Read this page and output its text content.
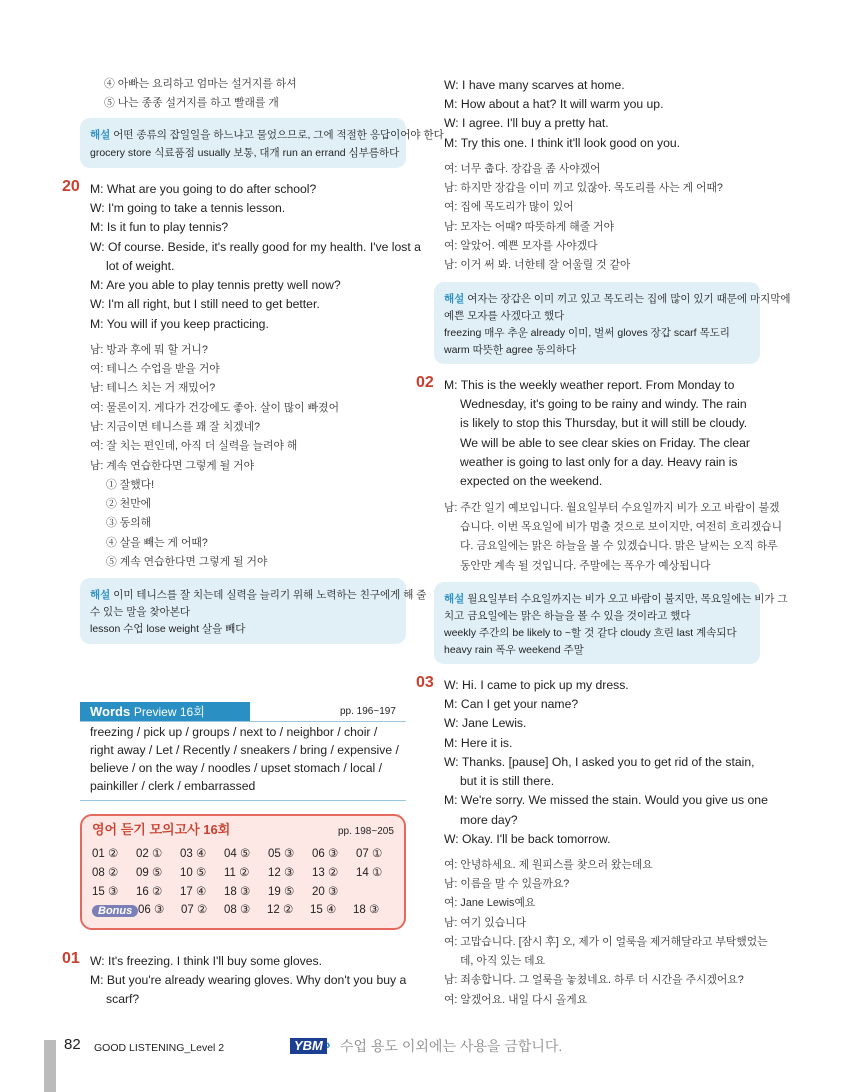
④ 아빠는 요리하고 엄마는 설거지를 하셔
⑤ 나는 종종 설거지를 하고 빨래를 개
해설 어떤 종류의 잡일일을 하느냐고 물었으므로, 그에 적절한 응답이어야 한다
grocery store 식료품점 usually 보통, 대개 run an errand 심부름하다
20 M: What are you going to do after school?
W: I'm going to take a tennis lesson.
M: Is it fun to play tennis?
W: Of course. Beside, it's really good for my health. I've lost a
lot of weight.
M: Are you able to play tennis pretty well now?
W: I'm all right, but I still need to get better.
M: You will if you keep practicing.
남: 방과 후에 뭐 할 거니?
여: 테니스 수업을 받을 거야
남: 테니스 치는 거 재밌어?
여: 물론이지. 게다가 건강에도 좋아. 살이 많이 빠졌어
남: 지금이면 테니스를 꽤 잘 치겠네?
여: 잘 치는 편인데, 아직 더 실력을 늘려야 해
남: 계속 연습한다면 그렇게 될 거야
① 잘했다!
② 천만에
③ 동의해
④ 살을 빼는 게 어때?
⑤ 계속 연습한다면 그렇게 될 거야
해설 이미 테니스를 잘 치는데 실력을 늘리기 위해 노력하는 친구에게 해 줄
수 있는 말을 찾아본다
lesson 수업 lose weight 살을 빼다
Words Preview 16회	pp. 196~197
freezing / pick up / groups / next to / neighbor / choir /
right away / Let / Recently / sneakers / bring / expensive /
believe / on the way / noodles / upset stomach / local /
painkiller / clerk / embarrassed
영어 듣기 모의고사 16회	pp. 198~205
01 ② 02 ① 03 ④ 04 ⑤ 05 ③ 06 ③ 07 ①
08 ② 09 ⑤ 10 ⑤ 11 ② 12 ③ 13 ② 14 ①
15 ③ 16 ② 17 ④ 18 ③ 19 ⑤ 20 ③
Bonus 06 ③ 07 ② 08 ③ 12 ② 15 ④ 18 ③
01 W: It's freezing. I think I'll buy some gloves.
M: But you're already wearing gloves. Why don't you buy a
scarf?
W: I have many scarves at home.
M: How about a hat? It will warm you up.
W: I agree. I'll buy a pretty hat.
M: Try this one. I think it'll look good on you.
여: 너무 춥다. 장갑을 좀 사야겠어
남: 하지만 장갑을 이미 끼고 있잖아. 목도리를 사는 게 어때?
여: 집에 목도리가 많이 있어
남: 모자는 어때? 따뜻하게 해줄 거야
여: 알았어. 예쁜 모자를 사야겠다
남: 이거 써 봐. 너한테 잘 어울릴 것 같아
해설 여자는 장갑은 이미 끼고 있고 목도리는 집에 많이 있기 때문에 마지막에
예쁜 모자를 사겠다고 했다
freezing 매우 추운 already 이미, 벌써 gloves 장갑 scarf 목도리
warm 따뜻한 agree 동의하다
02 M: This is the weekly weather report. From Monday to
Wednesday, it's going to be rainy and windy. The rain
is likely to stop this Thursday, but it will still be cloudy.
We will be able to see clear skies on Friday. The clear
weather is going to last only for a day. Heavy rain is
expected on the weekend.
남: 주간 일기 예보입니다. 월요일부터 수요일까지 비가 오고 바람이 불겠
습니다. 이번 목요일에 비가 멈출 것으로 보이지만, 여전히 흐리겠습니
다. 금요일에는 맑은 하늘을 볼 수 있겠습니다. 맑은 날씨는 오직 하루
동안만 계속 될 것입니다. 주말에는 폭우가 예상됩니다
해설 월요일부터 수요일까지는 비가 오고 바람이 불지만, 목요일에는 비가 그
치고 금요일에는 맑은 하늘을 볼 수 있을 것이라고 했다
weekly 주간의 be likely to ~할 것 같다 cloudy 흐린 last 계속되다
heavy rain 폭우 weekend 주말
03 W: Hi. I came to pick up my dress.
M: Can I get your name?
W: Jane Lewis.
M: Here it is.
W: Thanks. [pause] Oh, I asked you to get rid of the stain,
but it is still there.
M: We're sorry. We missed the stain. Would you give us one
more day?
W: Okay. I'll be back tomorrow.
여: 안녕하세요. 제 원피스를 찾으러 왔는데요
남: 이름을 말 수 있을까요?
여: Jane Lewis예요
남: 여기 있습니다
여: 고맙습니다. [잠시 후] 오, 제가 이 얼룩을 제거해달라고 부탁했었는
데, 아직 있는 데요
남: 죄송합니다. 그 얼룩을 놓쳤네요. 하루 더 시간을 주시겠어요?
여: 알겠어요. 내일 다시 올게요
82 GOOD LISTENING_Level 2	YBM › 수업 용도 이외에는 사용을 금합니다.
